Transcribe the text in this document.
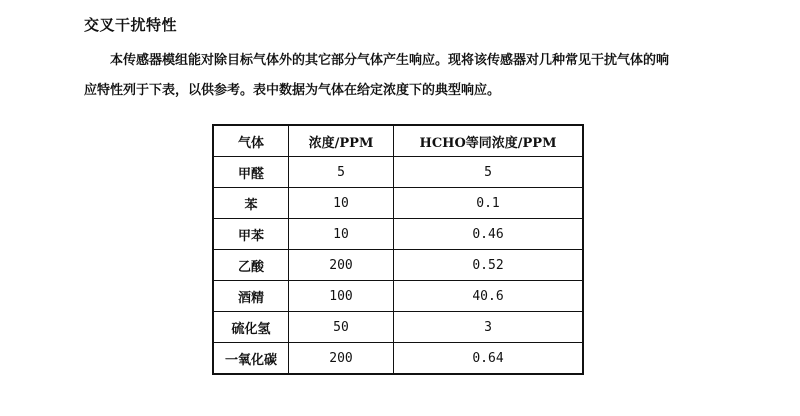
交叉干扰特性
本传感器模组能对除目标气体外的其它部分气体产生响应。现将该传感器对几种常见干扰气体的响
应特性列于下表，以供参考。表中数据为气体在给定浓度下的典型响应。
气体	浓度/PPM	HCHO等同浓度/PPM
甲醛	5	5
苯	10	0.1
甲苯	10	0.46
乙酸	200	0.52
酒精	100	40.6
硫化氢	50	3
一氧化碳	200	0.64
